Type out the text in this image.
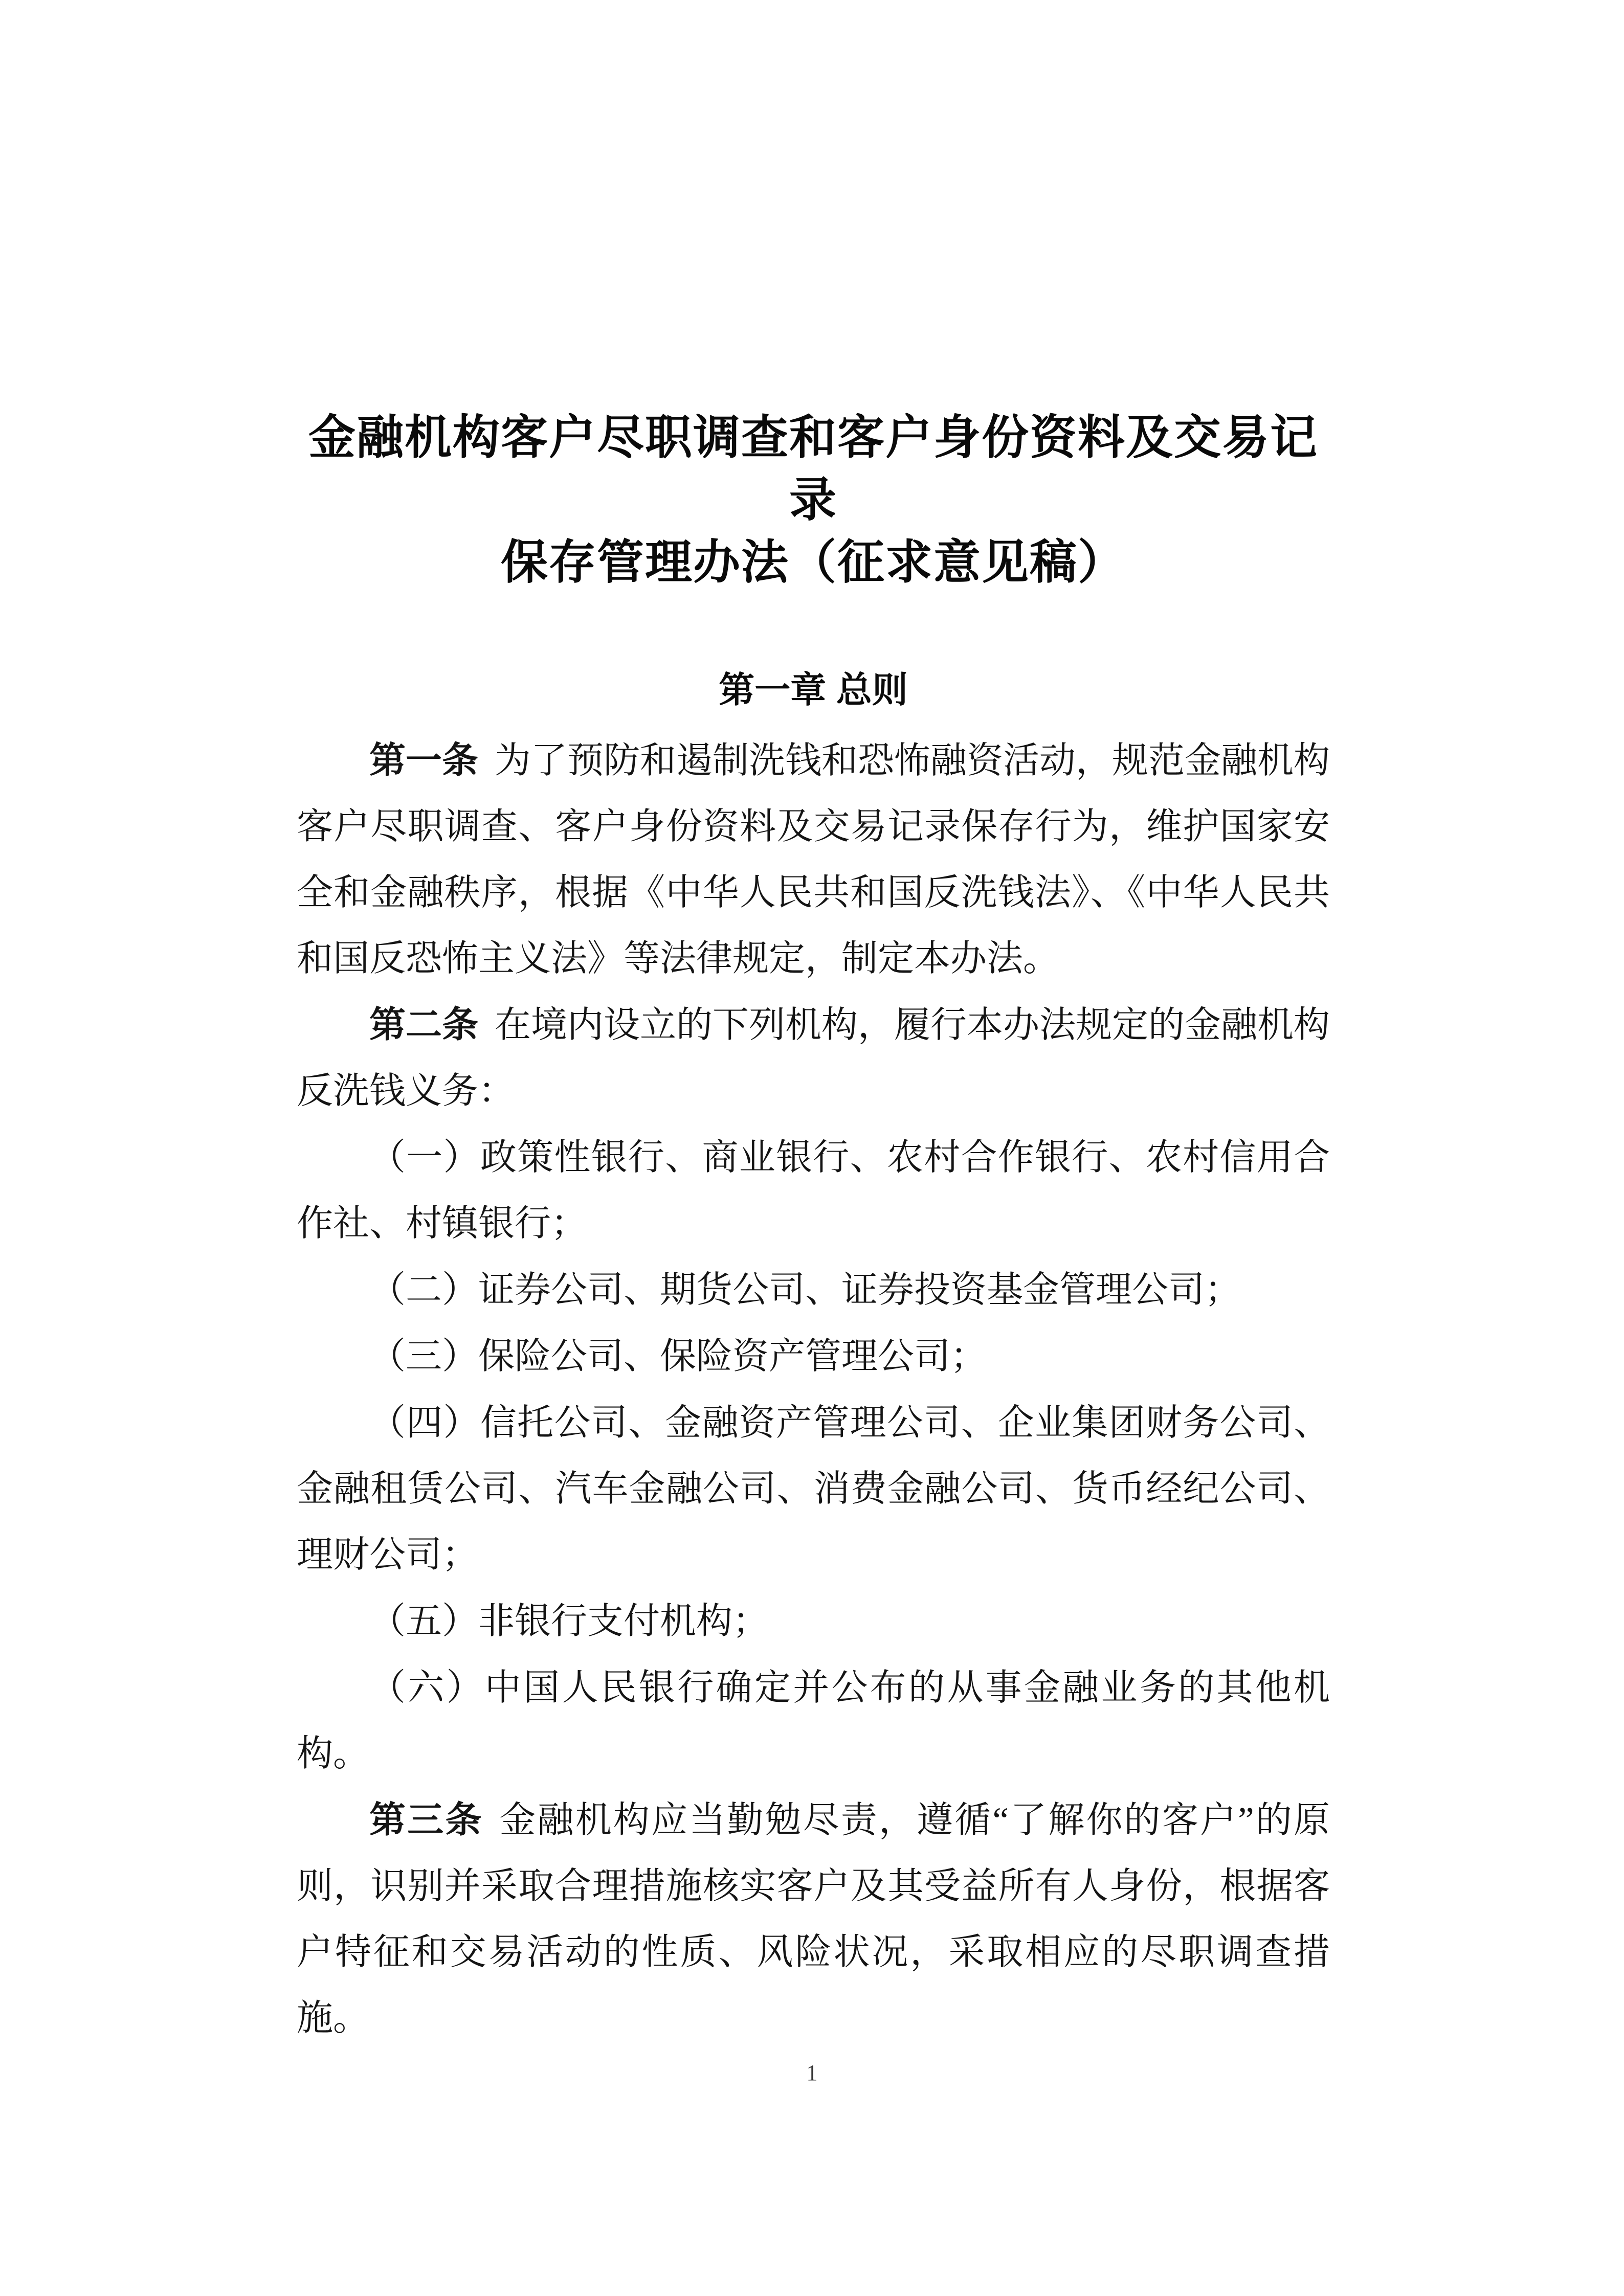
金融机构客户尽职调查和客户身份资料及交易记录
保存管理办法（征求意见稿）
第一章 总则

第一条 为了预防和遏制洗钱和恐怖融资活动，规范金融机构客户尽职调查、客户身份资料及交易记录保存行为，维护国家安全和金融秩序，根据《中华人民共和国反洗钱法》、《中华人民共和国反恐怖主义法》等法律规定，制定本办法。

第二条 在境内设立的下列机构，履行本办法规定的金融机构反洗钱义务：

（一）政策性银行、商业银行、农村合作银行、农村信用合作社、村镇银行；

（二）证券公司、期货公司、证券投资基金管理公司；

（三）保险公司、保险资产管理公司；

（四）信托公司、金融资产管理公司、企业集团财务公司、金融租赁公司、汽车金融公司、消费金融公司、货币经纪公司、理财公司；

（五）非银行支付机构；

（六）中国人民银行确定并公布的从事金融业务的其他机构。

第三条 金融机构应当勤勉尽责，遵循“了解你的客户”的原则，识别并采取合理措施核实客户及其受益所有人身份，根据客户特征和交易活动的性质、风险状况，采取相应的尽职调查措施。

1
